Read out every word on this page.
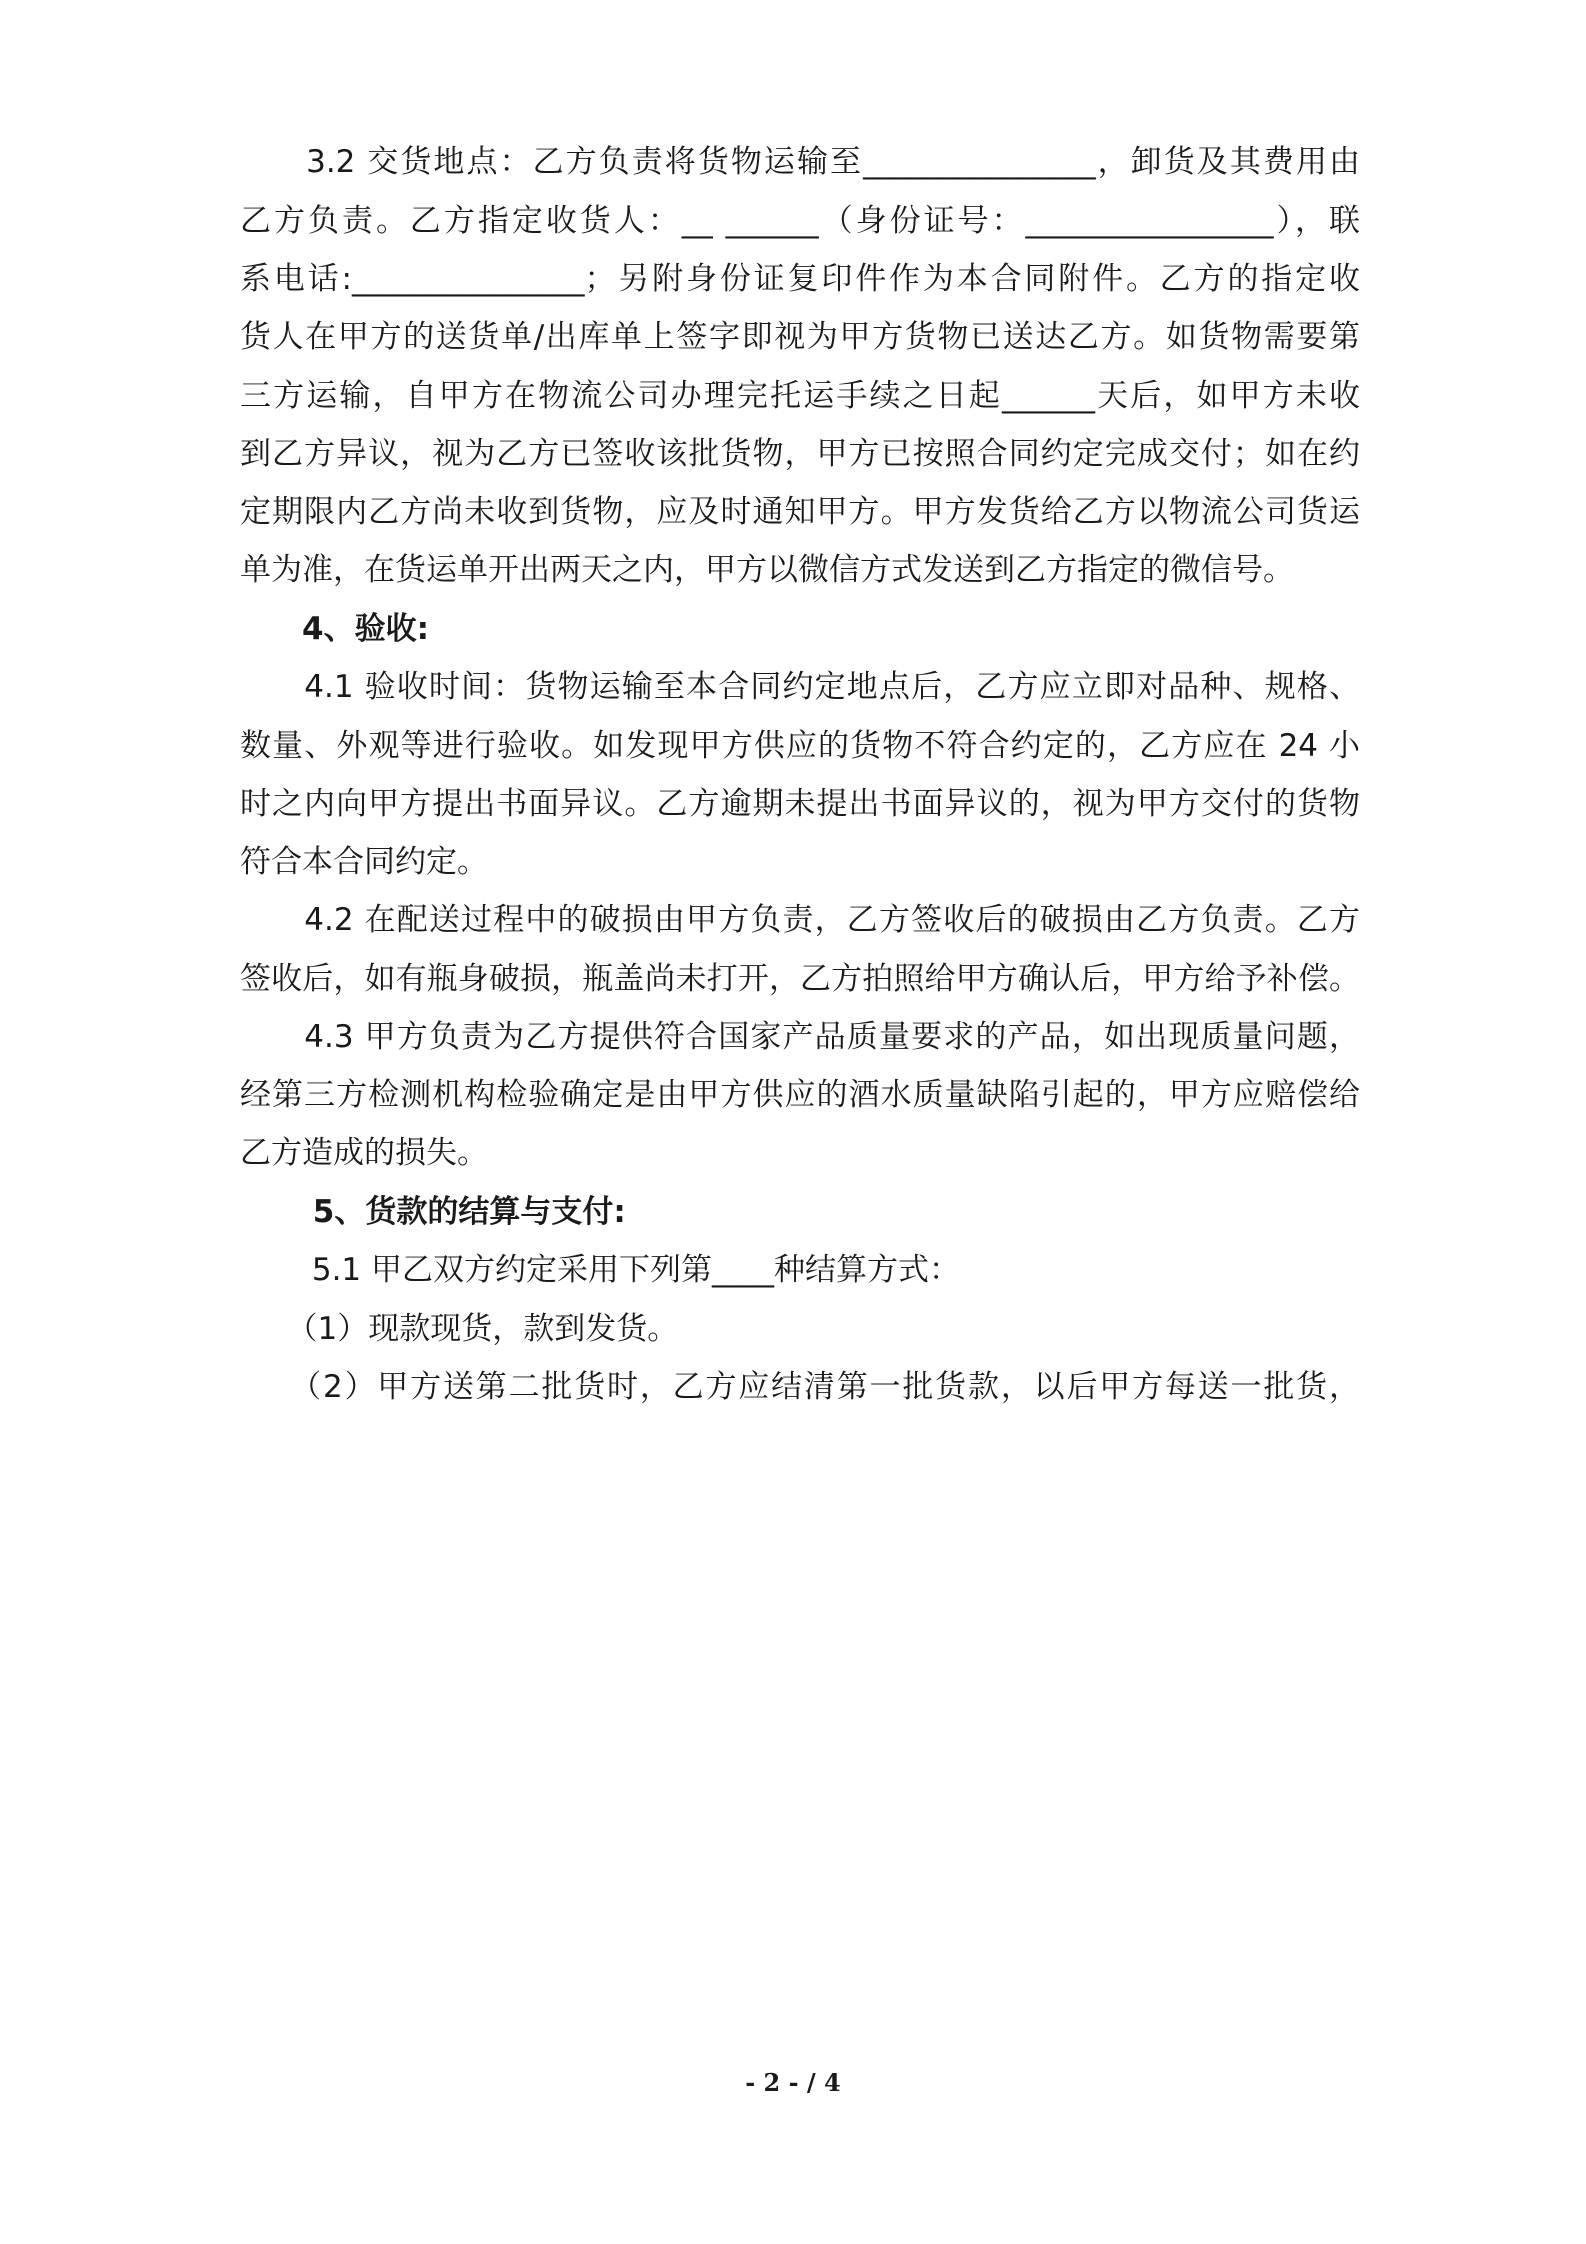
　　3.2 交货地点：乙方负责将货物运输至_______________，卸货及其费用由
乙方负责。乙方指定收货人：__ ______（身份证号：________________），联
系电话:_______________；另附身份证复印件作为本合同附件。乙方的指定收
货人在甲方的送货单/出库单上签字即视为甲方货物已送达乙方。如货物需要第
三方运输，自甲方在物流公司办理完托运手续之日起______天后，如甲方未收
到乙方异议，视为乙方已签收该批货物，甲方已按照合同约定完成交付；如在约
定期限内乙方尚未收到货物，应及时通知甲方。甲方发货给乙方以物流公司货运
单为准，在货运单开出两天之内，甲方以微信方式发送到乙方指定的微信号。
　　4、验收:
　　4.1 验收时间：货物运输至本合同约定地点后，乙方应立即对品种、规格、
数量、外观等进行验收。如发现甲方供应的货物不符合约定的，乙方应在 24 小
时之内向甲方提出书面异议。乙方逾期未提出书面异议的，视为甲方交付的货物
符合本合同约定。
　　4.2 在配送过程中的破损由甲方负责，乙方签收后的破损由乙方负责。乙方
签收后，如有瓶身破损，瓶盖尚未打开，乙方拍照给甲方确认后，甲方给予补偿。
　　4.3 甲方负责为乙方提供符合国家产品质量要求的产品，如出现质量问题，
经第三方检测机构检验确定是由甲方供应的酒水质量缺陷引起的，甲方应赔偿给
乙方造成的损失。
　　 5、货款的结算与支付:
　　 5.1 甲乙双方约定采用下列第____种结算方式：
　　（1）现款现货，款到发货。
　　（2）甲方送第二批货时，乙方应结清第一批货款，以后甲方每送一批货，
- 2 - / 4
